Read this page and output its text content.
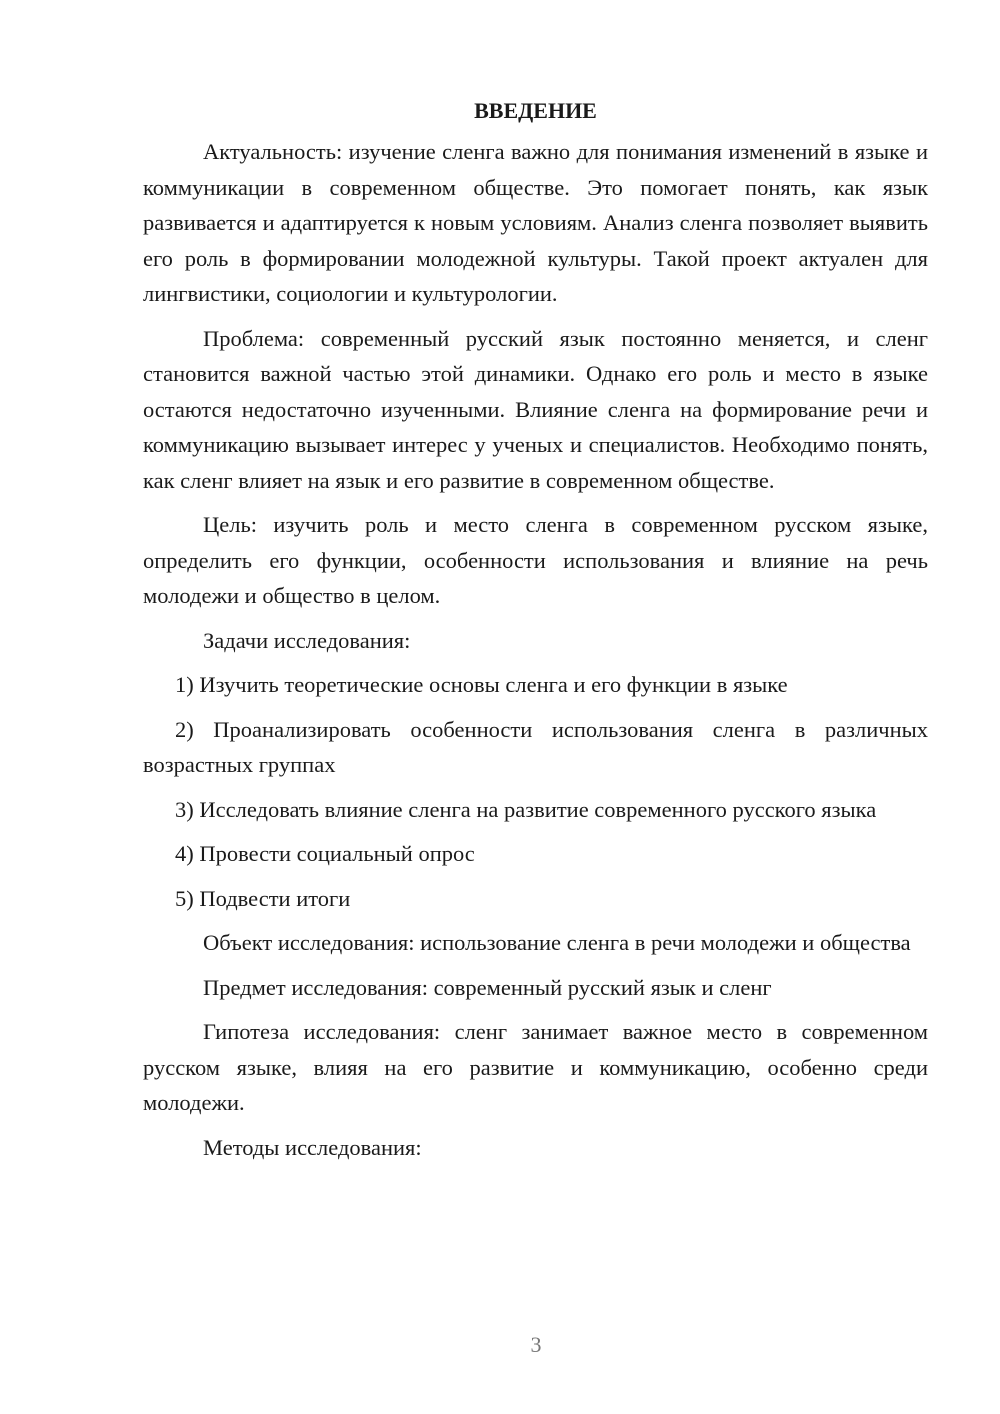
ВВЕДЕНИЕ

Актуальность: изучение сленга важно для понимания изменений в языке и коммуникации в современном обществе. Это помогает понять, как язык развивается и адаптируется к новым условиям. Анализ сленга позволяет выявить его роль в формировании молодежной культуры. Такой проект актуален для лингвистики, социологии и культурологии.

Проблема: современный русский язык постоянно меняется, и сленг становится важной частью этой динамики. Однако его роль и место в языке остаются недостаточно изученными. Влияние сленга на формирование речи и коммуникацию вызывает интерес у ученых и специалистов. Необходимо понять, как сленг влияет на язык и его развитие в современном обществе.

Цель: изучить роль и место сленга в современном русском языке, определить его функции, особенности использования и влияние на речь молодежи и общество в целом.

Задачи исследования:

1) Изучить теоретические основы сленга и его функции в языке

2) Проанализировать особенности использования сленга в различных возрастных группах

3) Исследовать влияние сленга на развитие современного русского языка

4) Провести социальный опрос

5) Подвести итоги

Объект исследования: использование сленга в речи молодежи и общества

Предмет исследования: современный русский язык и сленг

Гипотеза исследования: сленг занимает важное место в современном русском языке, влияя на его развитие и коммуникацию, особенно среди молодежи.

Методы исследования:

3
